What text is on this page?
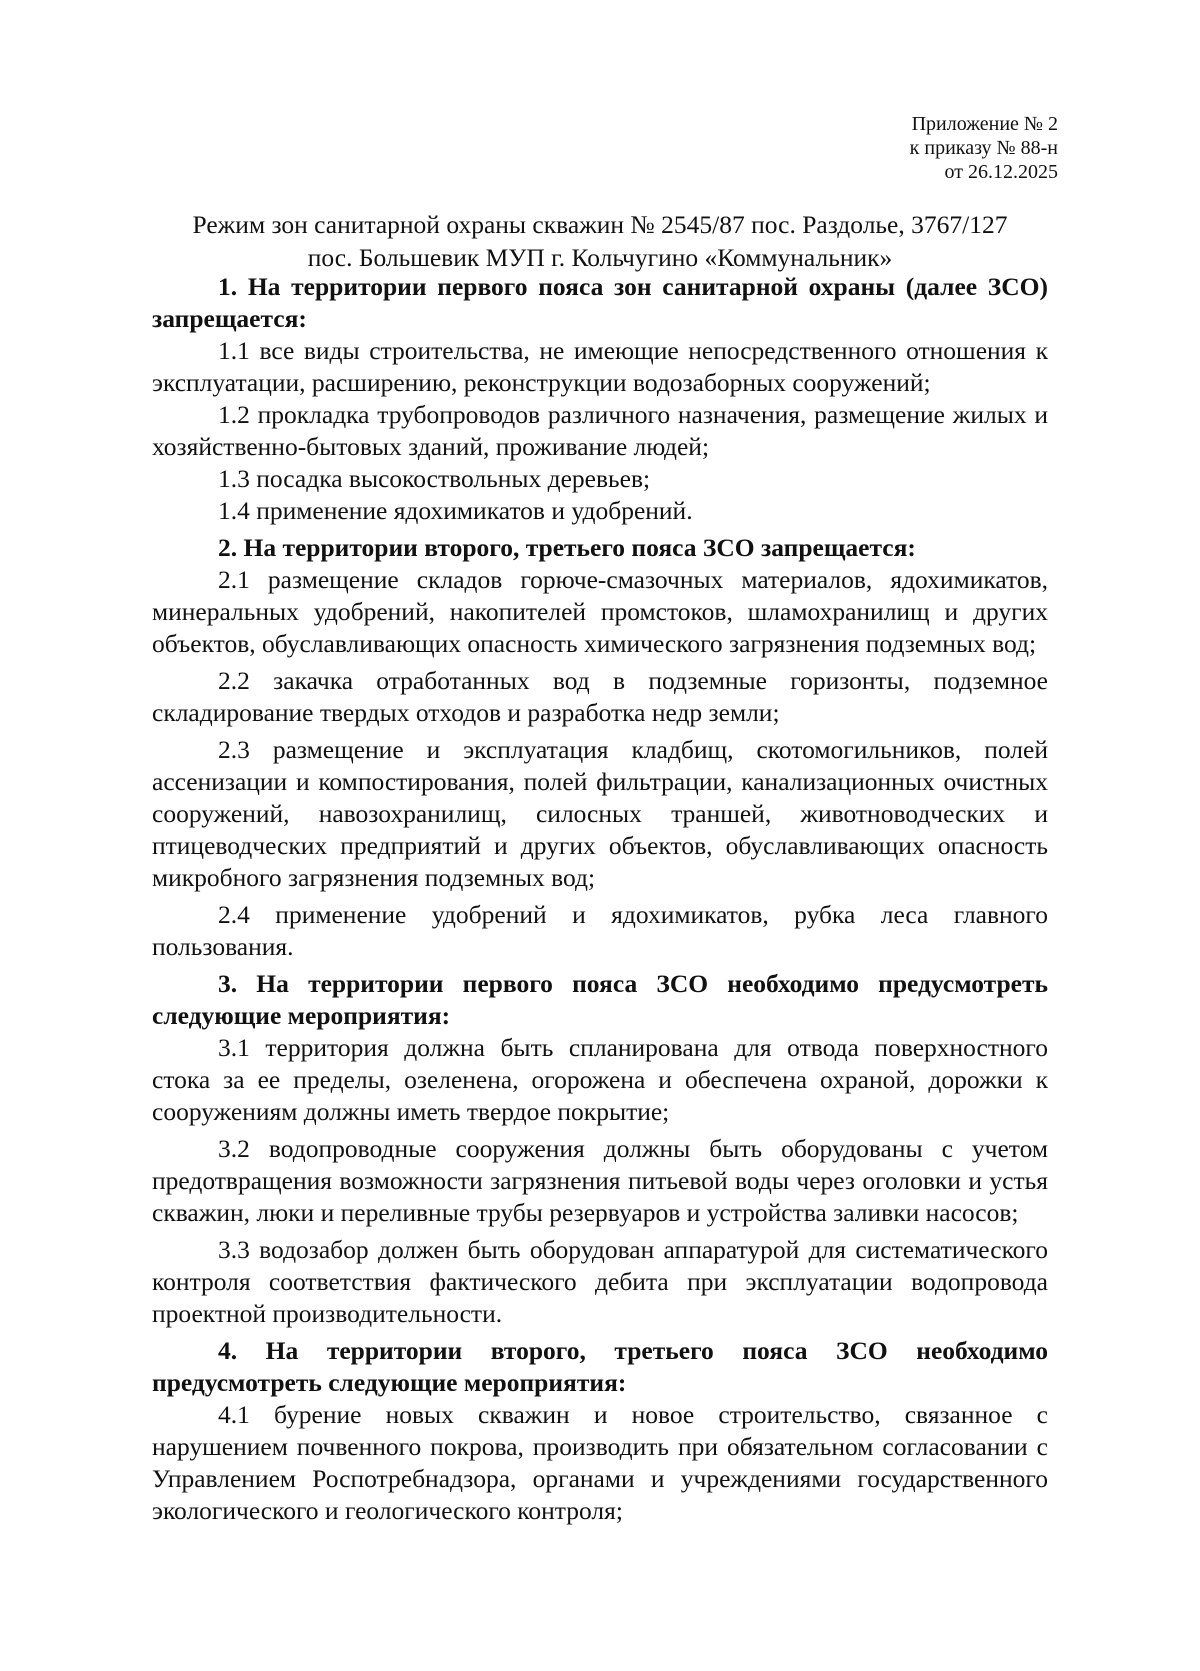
Приложение № 2
к приказу № 88-н
от 26.12.2025
Режим зон санитарной охраны скважин № 2545/87 пос. Раздолье, 3767/127
пос. Большевик МУП г. Кольчугино «Коммунальник»

1. На территории первого пояса зон санитарной охраны (далее ЗСО) запрещается:

1.1 все виды строительства, не имеющие непосредственного отношения к эксплуатации, расширению, реконструкции водозаборных сооружений;

1.2 прокладка трубопроводов различного назначения, размещение жилых и хозяйственно-бытовых зданий, проживание людей;

1.3 посадка высокоствольных деревьев;

1.4 применение ядохимикатов и удобрений.

2. На территории второго, третьего пояса ЗСО запрещается:

2.1 размещение складов горюче-смазочных материалов, ядохимикатов, минеральных удобрений, накопителей промстоков, шламохранилищ и других объектов, обуславливающих опасность химического загрязнения подземных вод;

2.2 закачка отработанных вод в подземные горизонты, подземное складирование твердых отходов и разработка недр земли;

2.3 размещение и эксплуатация кладбищ, скотомогильников, полей ассенизации и компостирования, полей фильтрации, канализационных очистных сооружений, навозохранилищ, силосных траншей, животноводческих и птицеводческих предприятий и других объектов, обуславливающих опасность микробного загрязнения подземных вод;

2.4 применение удобрений и ядохимикатов, рубка леса главного пользования.

3. На территории первого пояса ЗСО необходимо предусмотреть следующие мероприятия:

3.1 территория должна быть спланирована для отвода поверхностного стока за ее пределы, озеленена, огорожена и обеспечена охраной, дорожки к сооружениям должны иметь твердое покрытие;

3.2 водопроводные сооружения должны быть оборудованы с учетом предотвращения возможности загрязнения питьевой воды через оголовки и устья скважин, люки и переливные трубы резервуаров и устройства заливки насосов;

3.3 водозабор должен быть оборудован аппаратурой для систематического контроля соответствия фактического дебита при эксплуатации водопровода проектной производительности.

4. На территории второго, третьего пояса ЗСО необходимо предусмотреть следующие мероприятия:

4.1 бурение новых скважин и новое строительство, связанное с нарушением почвенного покрова, производить при обязательном согласовании с Управлением Роспотребнадзора, органами и учреждениями государственного экологического и геологического контроля;
